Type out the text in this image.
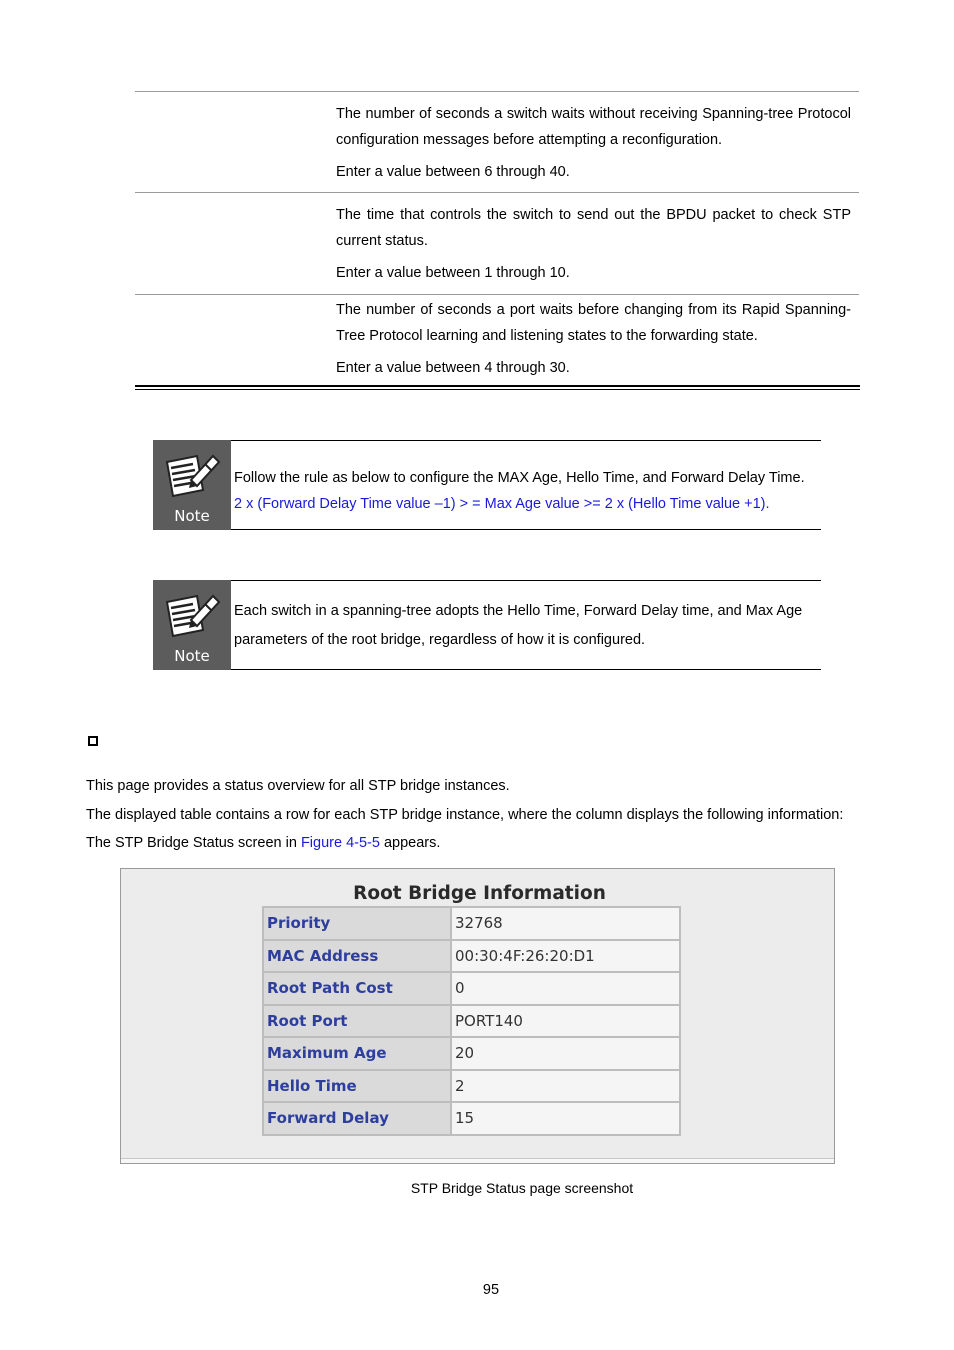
The number of seconds a switch waits without receiving Spanning-tree Protocol configuration messages before attempting a reconfiguration.

Enter a value between 6 through 40.

The time that controls the switch to send out the BPDU packet to check STP current status.

Enter a value between 1 through 10.

The number of seconds a port waits before changing from its Rapid Spanning-Tree Protocol learning and listening states to the forwarding state.

Enter a value between 4 through 30.

Note

Follow the rule as below to configure the MAX Age, Hello Time, and Forward Delay Time.

2 x (Forward Delay Time value –1) > = Max Age value >= 2 x (Hello Time value +1).

Note

Each switch in a spanning-tree adopts the Hello Time, Forward Delay time, and Max Age parameters of the root bridge, regardless of how it is configured.

This page provides a status overview for all STP bridge instances.

The displayed table contains a row for each STP bridge instance, where the column displays the following information:

The STP Bridge Status screen in Figure 4-5-5 appears.

Root Bridge Information
Priority	32768
MAC Address	00:30:4F:26:20:D1
Root Path Cost	0
Root Port	PORT140
Maximum Age	20
Hello Time	2
Forward Delay	15
STP Bridge Status page screenshot
95
